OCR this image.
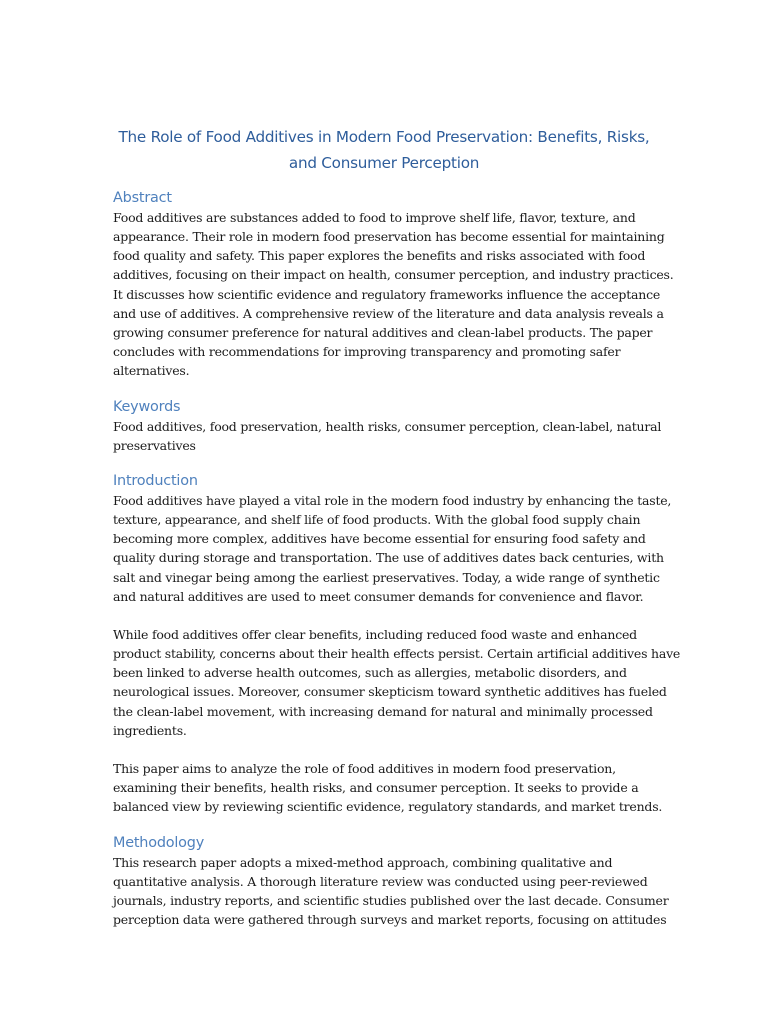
The Role of Food Additives in Modern Food Preservation: Benefits, Risks,
and Consumer Perception
Abstract
Food additives are substances added to food to improve shelf life, flavor, texture, and
appearance. Their role in modern food preservation has become essential for maintaining
food quality and safety. This paper explores the benefits and risks associated with food
additives, focusing on their impact on health, consumer perception, and industry practices.
It discusses how scientific evidence and regulatory frameworks influence the acceptance
and use of additives. A comprehensive review of the literature and data analysis reveals a
growing consumer preference for natural additives and clean-label products. The paper
concludes with recommendations for improving transparency and promoting safer
alternatives.
Keywords
Food additives, food preservation, health risks, consumer perception, clean-label, natural
preservatives
Introduction
Food additives have played a vital role in the modern food industry by enhancing the taste,
texture, appearance, and shelf life of food products. With the global food supply chain
becoming more complex, additives have become essential for ensuring food safety and
quality during storage and transportation. The use of additives dates back centuries, with
salt and vinegar being among the earliest preservatives. Today, a wide range of synthetic
and natural additives are used to meet consumer demands for convenience and flavor.
While food additives offer clear benefits, including reduced food waste and enhanced
product stability, concerns about their health effects persist. Certain artificial additives have
been linked to adverse health outcomes, such as allergies, metabolic disorders, and
neurological issues. Moreover, consumer skepticism toward synthetic additives has fueled
the clean-label movement, with increasing demand for natural and minimally processed
ingredients.
This paper aims to analyze the role of food additives in modern food preservation,
examining their benefits, health risks, and consumer perception. It seeks to provide a
balanced view by reviewing scientific evidence, regulatory standards, and market trends.
Methodology
This research paper adopts a mixed-method approach, combining qualitative and
quantitative analysis. A thorough literature review was conducted using peer-reviewed
journals, industry reports, and scientific studies published over the last decade. Consumer
perception data were gathered through surveys and market reports, focusing on attitudes
